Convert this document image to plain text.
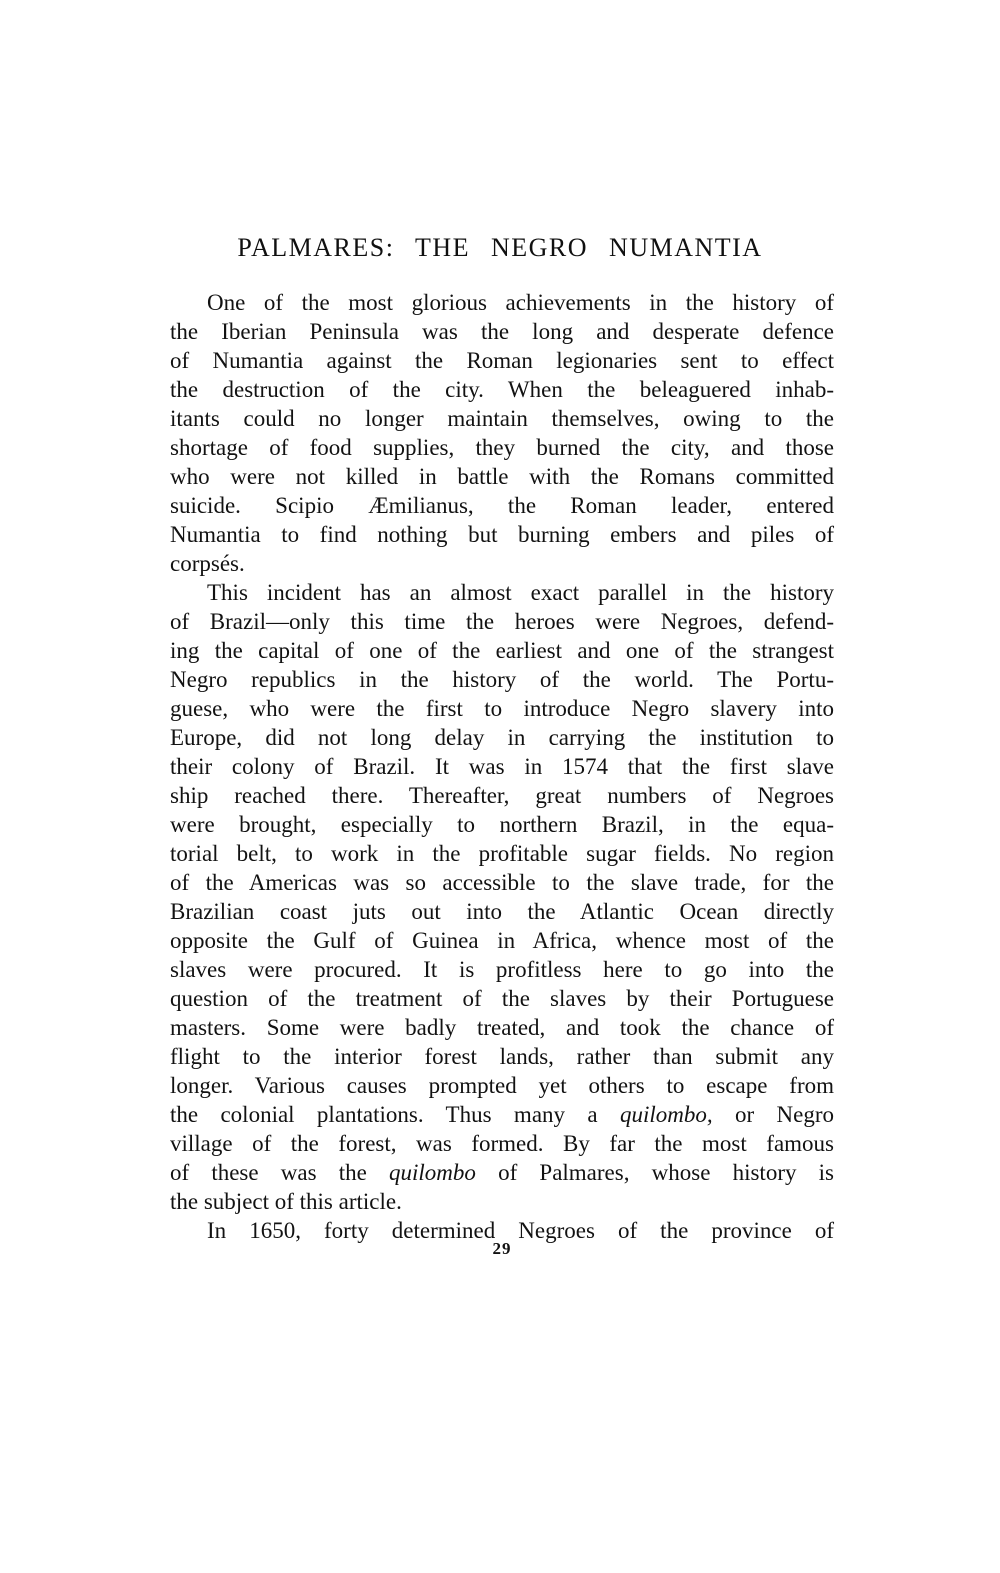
PALMARES: THE NEGRO NUMANTIA
One of the most glorious achievements in the history of
the Iberian Peninsula was the long and desperate defence
of Numantia against the Roman legionaries sent to effect
the destruction of the city. When the beleaguered inhab-
itants could no longer maintain themselves, owing to the
shortage of food supplies, they burned the city, and those
who were not killed in battle with the Romans committed
suicide. Scipio Æmilianus, the Roman leader, entered
Numantia to find nothing but burning embers and piles of
corpsés.
This incident has an almost exact parallel in the history
of Brazil—only this time the heroes were Negroes, defend-
ing the capital of one of the earliest and one of the strangest
Negro republics in the history of the world. The Portu-
guese, who were the first to introduce Negro slavery into
Europe, did not long delay in carrying the institution to
their colony of Brazil. It was in 1574 that the first slave
ship reached there. Thereafter, great numbers of Negroes
were brought, especially to northern Brazil, in the equa-
torial belt, to work in the profitable sugar fields. No region
of the Americas was so accessible to the slave trade, for the
Brazilian coast juts out into the Atlantic Ocean directly
opposite the Gulf of Guinea in Africa, whence most of the
slaves were procured. It is profitless here to go into the
question of the treatment of the slaves by their Portuguese
masters. Some were badly treated, and took the chance of
flight to the interior forest lands, rather than submit any
longer. Various causes prompted yet others to escape from
the colonial plantations. Thus many a quilombo, or Negro
village of the forest, was formed. By far the most famous
of these was the quilombo of Palmares, whose history is
the subject of this article.
In 1650, forty determined Negroes of the province of
29
